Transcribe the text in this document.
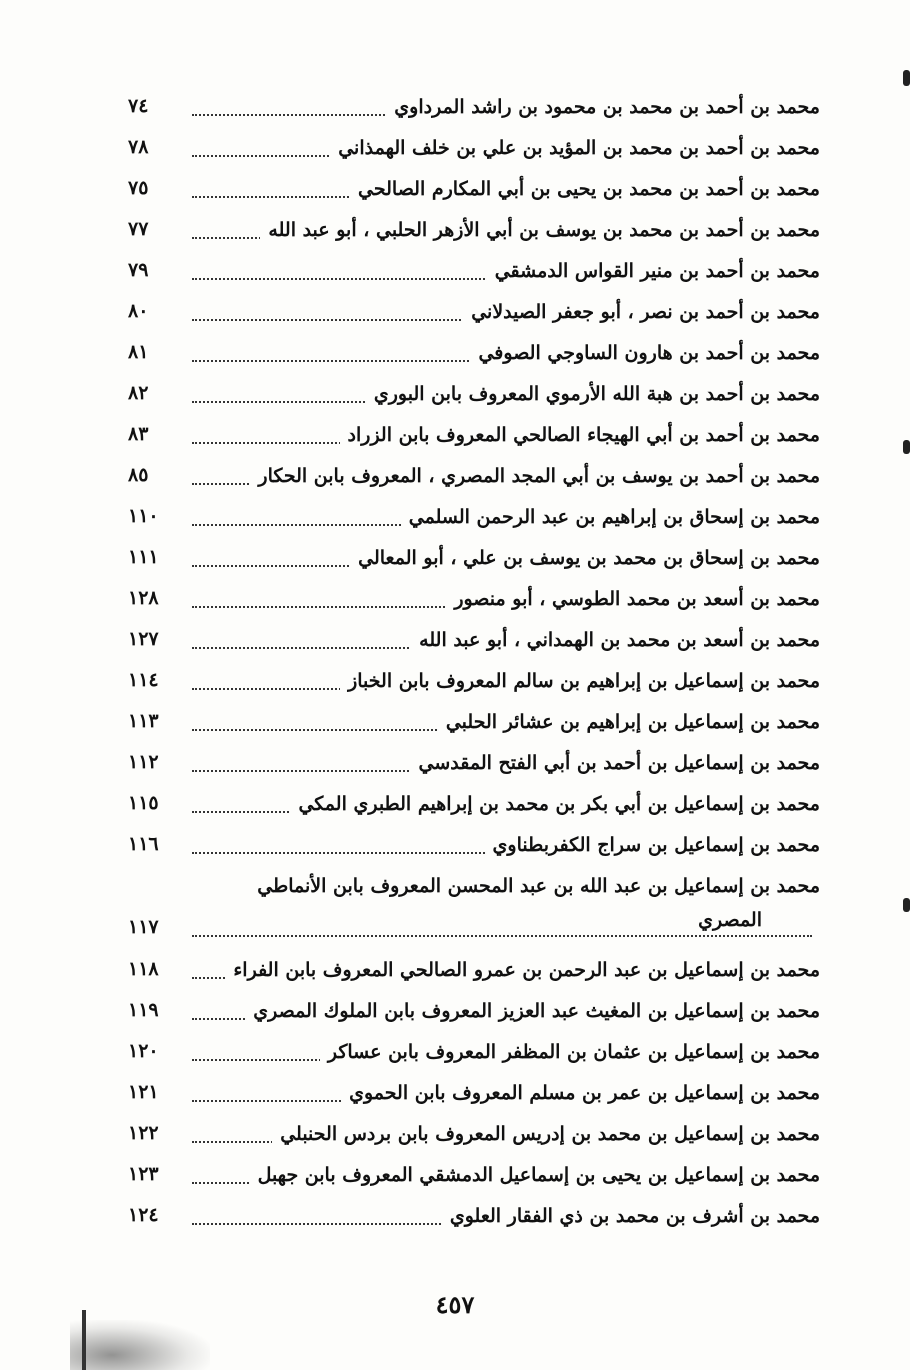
محمد بن أحمد بن محمد بن محمود بن راشد المرداوي
٧٤
محمد بن أحمد بن محمد بن المؤيد بن علي بن خلف الهمذاني
٧٨
محمد بن أحمد بن محمد بن يحيى بن أبي المكارم الصالحي
٧٥
محمد بن أحمد بن محمد بن يوسف بن أبي الأزهر الحلبي ، أبو عبد الله
٧٧
محمد بن أحمد بن منير القواس الدمشقي
٧٩
محمد بن أحمد بن نصر ، أبو جعفر الصيدلاني
٨٠
محمد بن أحمد بن هارون الساوجي الصوفي
٨١
محمد بن أحمد بن هبة الله الأرموي المعروف بابن البوري
٨٢
محمد بن أحمد بن أبي الهيجاء الصالحي المعروف بابن الزراد
٨٣
محمد بن أحمد بن يوسف بن أبي المجد المصري ، المعروف بابن الحكار
٨٥
محمد بن إسحاق بن إبراهيم بن عبد الرحمن السلمي
١١٠
محمد بن إسحاق بن محمد بن يوسف بن علي ، أبو المعالي
١١١
محمد بن أسعد بن محمد الطوسي ، أبو منصور
١٢٨
محمد بن أسعد بن محمد بن الهمداني ، أبو عبد الله
١٢٧
محمد بن إسماعيل بن إبراهيم بن سالم المعروف بابن الخباز
١١٤
محمد بن إسماعيل بن إبراهيم بن عشائر الحلبي
١١٣
محمد بن إسماعيل بن أحمد بن أبي الفتح المقدسي
١١٢
محمد بن إسماعيل بن أبي بكر بن محمد بن إبراهيم الطبري المكي
١١٥
محمد بن إسماعيل بن سراج الكفربطناوي
١١٦
محمد بن إسماعيل بن عبد الله بن عبد المحسن المعروف بابن الأنماطي
المصري
١١٧
محمد بن إسماعيل بن عبد الرحمن بن عمرو الصالحي المعروف بابن الفراء
١١٨
محمد بن إسماعيل بن المغيث عبد العزيز المعروف بابن الملوك المصري
١١٩
محمد بن إسماعيل بن عثمان بن المظفر المعروف بابن عساكر
١٢٠
محمد بن إسماعيل بن عمر بن مسلم المعروف بابن الحموي
١٢١
محمد بن إسماعيل بن محمد بن إدريس المعروف بابن بردس الحنبلي
١٢٢
محمد بن إسماعيل بن يحيى بن إسماعيل الدمشقي المعروف بابن جهبل
١٢٣
محمد بن أشرف بن محمد بن ذي الفقار العلوي
١٢٤
٤٥٧
